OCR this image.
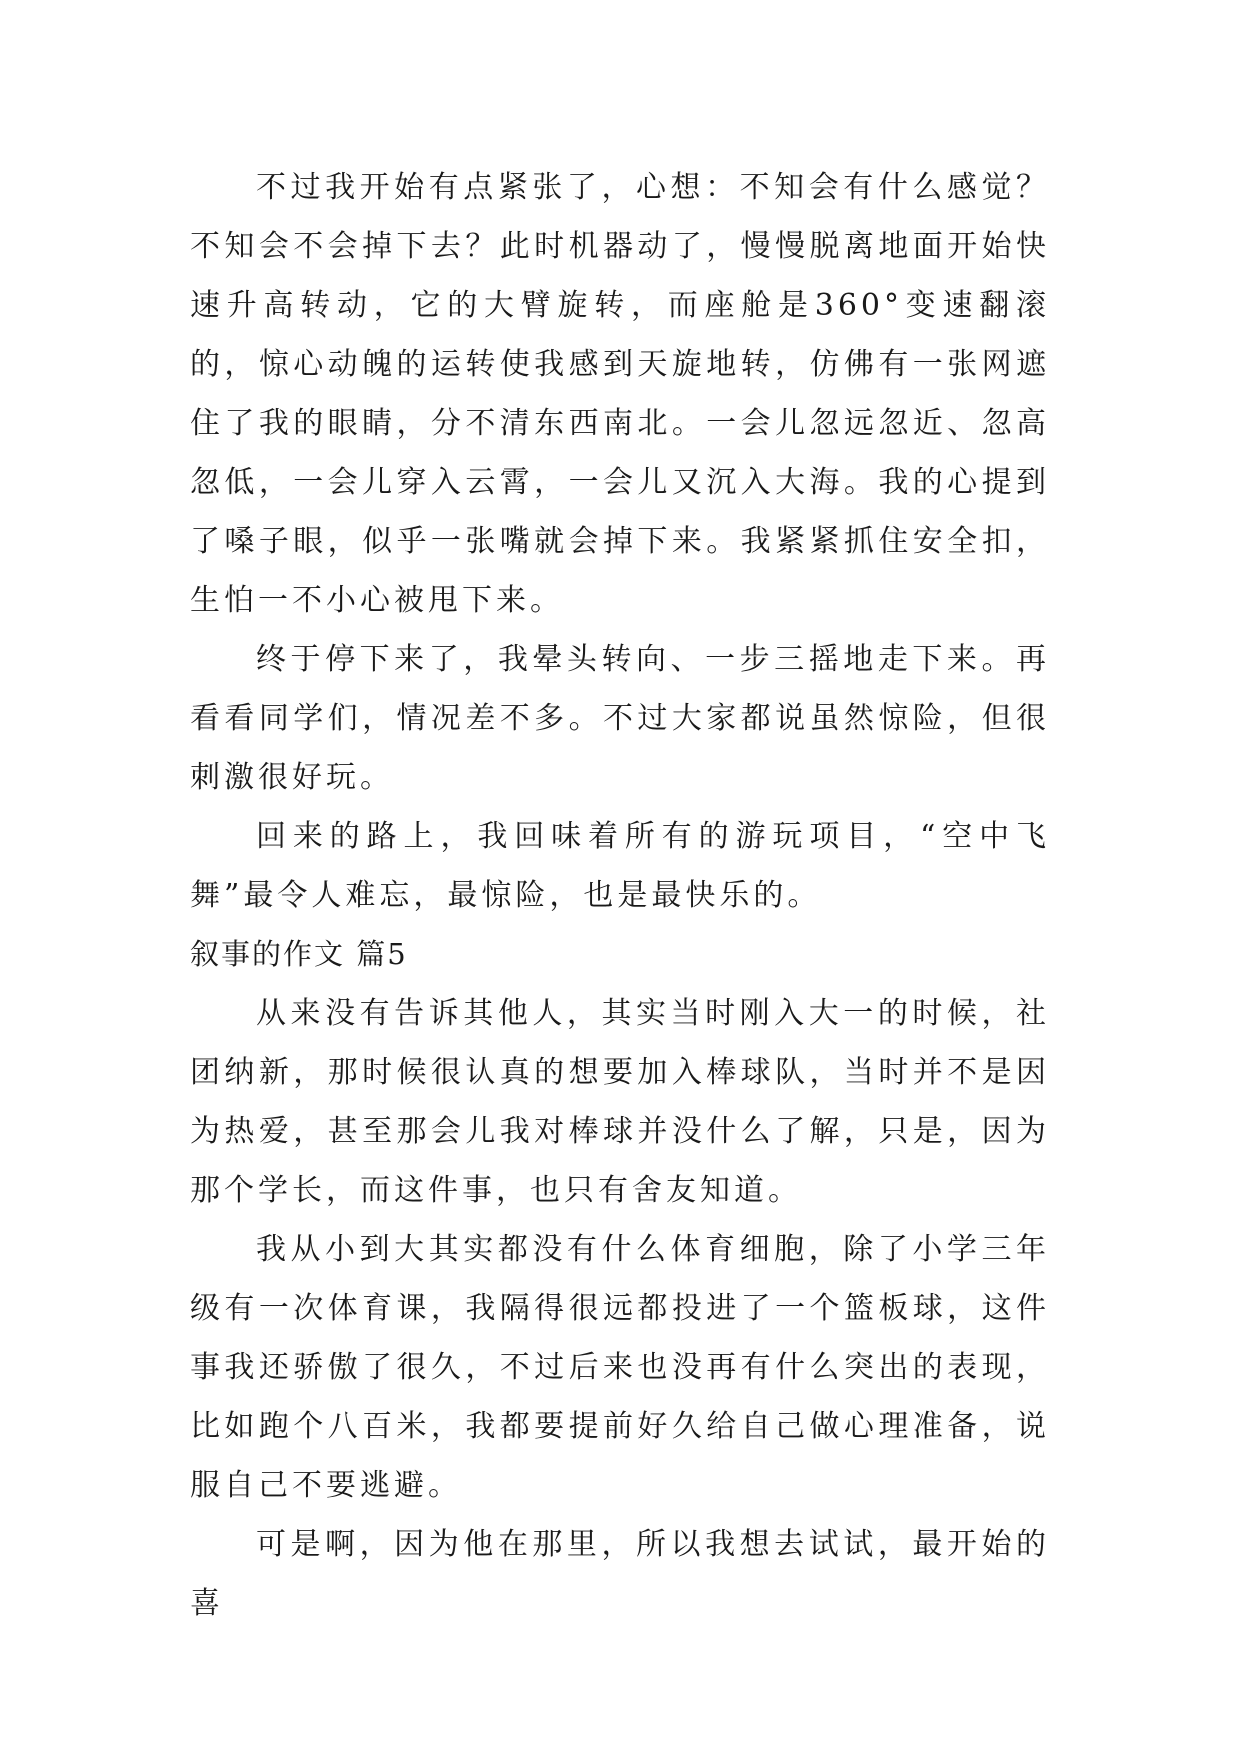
不过我开始有点紧张了，心想：不知会有什么感觉？不知会不会掉下去？此时机器动了，慢慢脱离地面开始快速升高转动，它的大臂旋转，而座舱是360°变速翻滚的，惊心动魄的运转使我感到天旋地转，仿佛有一张网遮住了我的眼睛，分不清东西南北。一会儿忽远忽近、忽高忽低，一会儿穿入云霄，一会儿又沉入大海。我的心提到了嗓子眼，似乎一张嘴就会掉下来。我紧紧抓住安全扣，生怕一不小心被甩下来。

终于停下来了，我晕头转向、一步三摇地走下来。再看看同学们，情况差不多。不过大家都说虽然惊险，但很刺激很好玩。

回来的路上，我回味着所有的游玩项目，“空中飞舞”最令人难忘，最惊险，也是最快乐的。

叙事的作文 篇5

从来没有告诉其他人，其实当时刚入大一的时候，社团纳新，那时候很认真的想要加入棒球队，当时并不是因为热爱，甚至那会儿我对棒球并没什么了解，只是，因为那个学长，而这件事，也只有舍友知道。

我从小到大其实都没有什么体育细胞，除了小学三年级有一次体育课，我隔得很远都投进了一个篮板球，这件事我还骄傲了很久，不过后来也没再有什么突出的表现，比如跑个八百米，我都要提前好久给自己做心理准备，说服自己不要逃避。

可是啊，因为他在那里，所以我想去试试，最开始的喜
